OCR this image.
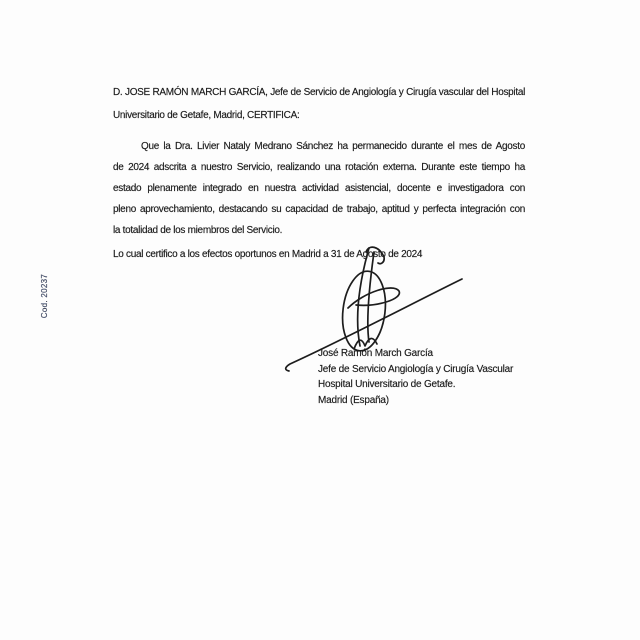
Cod. 20237
D. JOSE RAMÓN MARCH GARCÍA, Jefe de Servicio de Angiología y Cirugía vascular del Hospital
Universitario de Getafe, Madrid, CERTIFICA:
Que la Dra. Livier Nataly Medrano Sánchez ha permanecido durante el mes de Agosto
de 2024 adscrita a nuestro Servicio, realizando una rotación externa. Durante este tiempo ha
estado plenamente integrado en nuestra actividad asistencial, docente e investigadora con
pleno aprovechamiento, destacando su capacidad de trabajo, aptitud y perfecta integración con
la totalidad de los miembros del Servicio.
Lo cual certifico a los efectos oportunos en Madrid a 31 de Agosto de 2024
José Ramón March García
Jefe de Servicio Angiología y Cirugía Vascular
Hospital Universitario de Getafe.
Madrid (España)
